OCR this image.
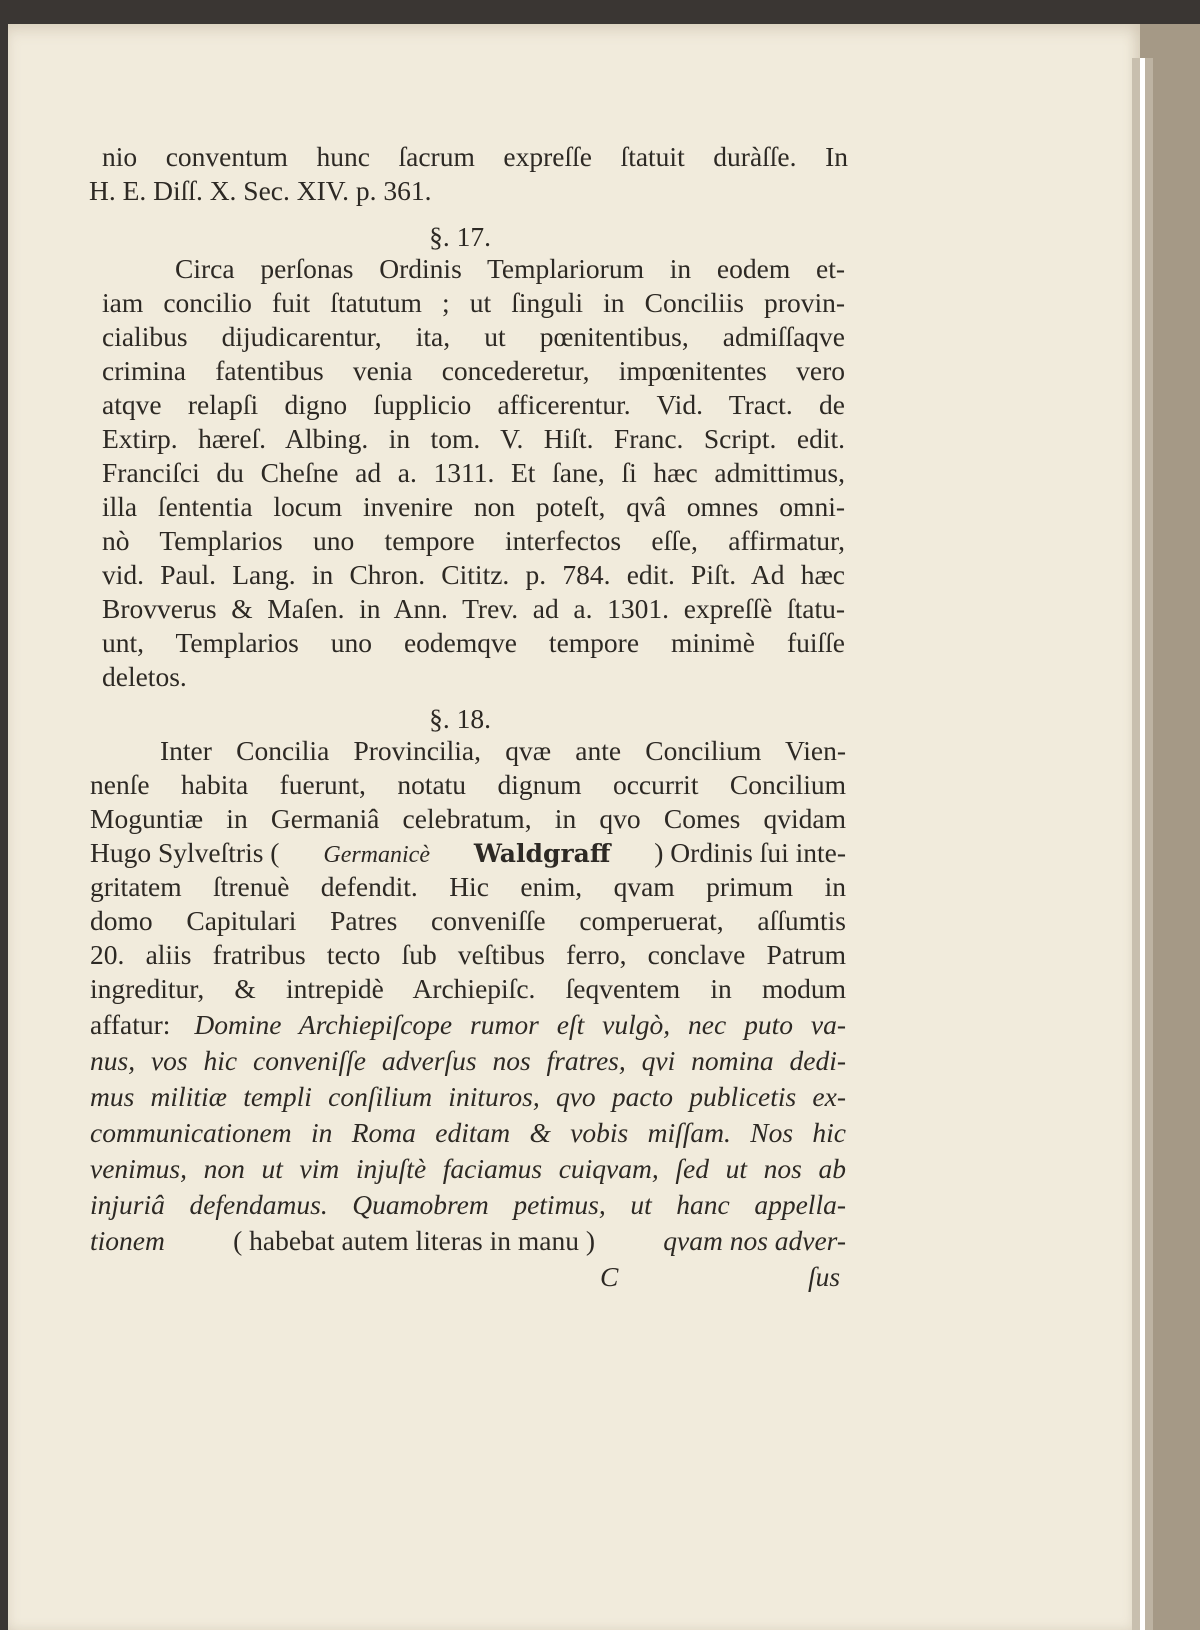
nio conventum hunc ſacrum expreſſe ſtatuit duràſſe. In
H. E. Diſſ. X. Sec. XIV. p. 361.
§. 17.
Circa perſonas Ordinis Templariorum in eodem et-
iam concilio fuit ſtatutum ; ut ſinguli in Conciliis provin-
cialibus dijudicarentur, ita, ut pœnitentibus, admiſſaqve
crimina fatentibus venia concederetur, impœnitentes vero
atqve relapſi digno ſupplicio afficerentur. Vid. Tract. de
Extirp. hæreſ. Albing. in tom. V. Hiſt. Franc. Script. edit.
Franciſci du Cheſne ad a. 1311. Et ſane, ſi hæc admittimus,
illa ſententia locum invenire non poteſt, qvâ omnes omni-
nò Templarios uno tempore interfectos eſſe, affirmatur,
vid. Paul. Lang. in Chron. Cititz. p. 784. edit. Piſt. Ad hæc
Brovverus & Maſen. in Ann. Trev. ad a. 1301. expreſſè ſtatu-
unt, Templarios uno eodemqve tempore minimè fuiſſe
deletos.
§. 18.
Inter Concilia Provincilia, qvæ ante Concilium Vien-
nenſe habita fuerunt, notatu dignum occurrit Concilium
Moguntiæ in Germaniâ celebratum, in qvo Comes qvidam
Hugo Sylveſtris ( Germanicè Waldgraff ) Ordinis ſui inte-
gritatem ſtrenuè defendit. Hic enim, qvam primum in
domo Capitulari Patres conveniſſe comperuerat, aſſumtis
20. aliis fratribus tecto ſub veſtibus ferro, conclave Patrum
ingreditur, & intrepidè Archiepiſc. ſeqventem in modum
affatur: Domine Archiepiſcope rumor eſt vulgò, nec puto va-
nus, vos hic conveniſſe adverſus nos fratres, qvi nomina dedi-
mus militiæ templi conſilium inituros, qvo pacto publicetis ex-
communicationem in Roma editam & vobis miſſam. Nos hic
venimus, non ut vim injuſtè faciamus cuiqvam, ſed ut nos ab
injuriâ defendamus. Quamobrem petimus, ut hanc appella-
tionem ( habebat autem literas in manu ) qvam nos adver-
C	ſus
